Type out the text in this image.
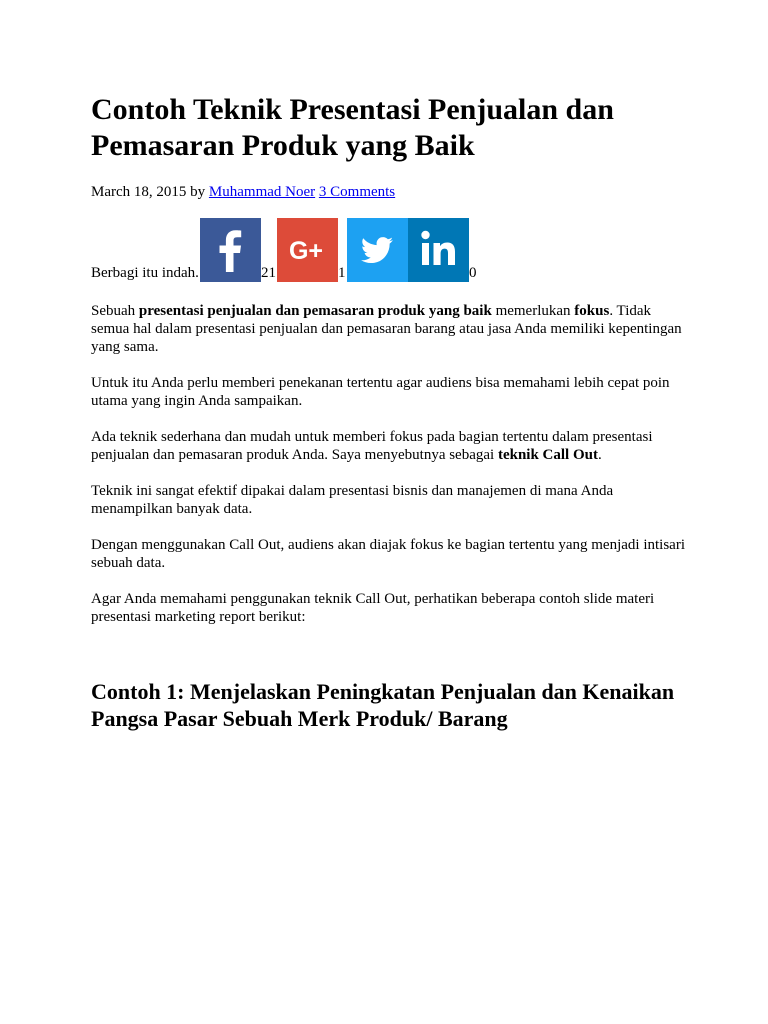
Contoh Teknik Presentasi Penjualan dan Pemasaran Produk yang Baik
March 18, 2015 by Muhammad Noer 3 Comments
Berbagi itu indah.	21
G+
1	0

Sebuah presentasi penjualan dan pemasaran produk yang baik memerlukan fokus. Tidak semua hal dalam presentasi penjualan dan pemasaran barang atau jasa Anda memiliki kepentingan yang sama.

Untuk itu Anda perlu memberi penekanan tertentu agar audiens bisa memahami lebih cepat poin utama yang ingin Anda sampaikan.

Ada teknik sederhana dan mudah untuk memberi fokus pada bagian tertentu dalam presentasi penjualan dan pemasaran produk Anda. Saya menyebutnya sebagai teknik Call Out.

Teknik ini sangat efektif dipakai dalam presentasi bisnis dan manajemen di mana Anda menampilkan banyak data.

Dengan menggunakan Call Out, audiens akan diajak fokus ke bagian tertentu yang menjadi intisari sebuah data.

Agar Anda memahami penggunakan teknik Call Out, perhatikan beberapa contoh slide materi presentasi marketing report berikut:

Contoh 1: Menjelaskan Peningkatan Penjualan dan Kenaikan Pangsa Pasar Sebuah Merk Produk/ Barang
